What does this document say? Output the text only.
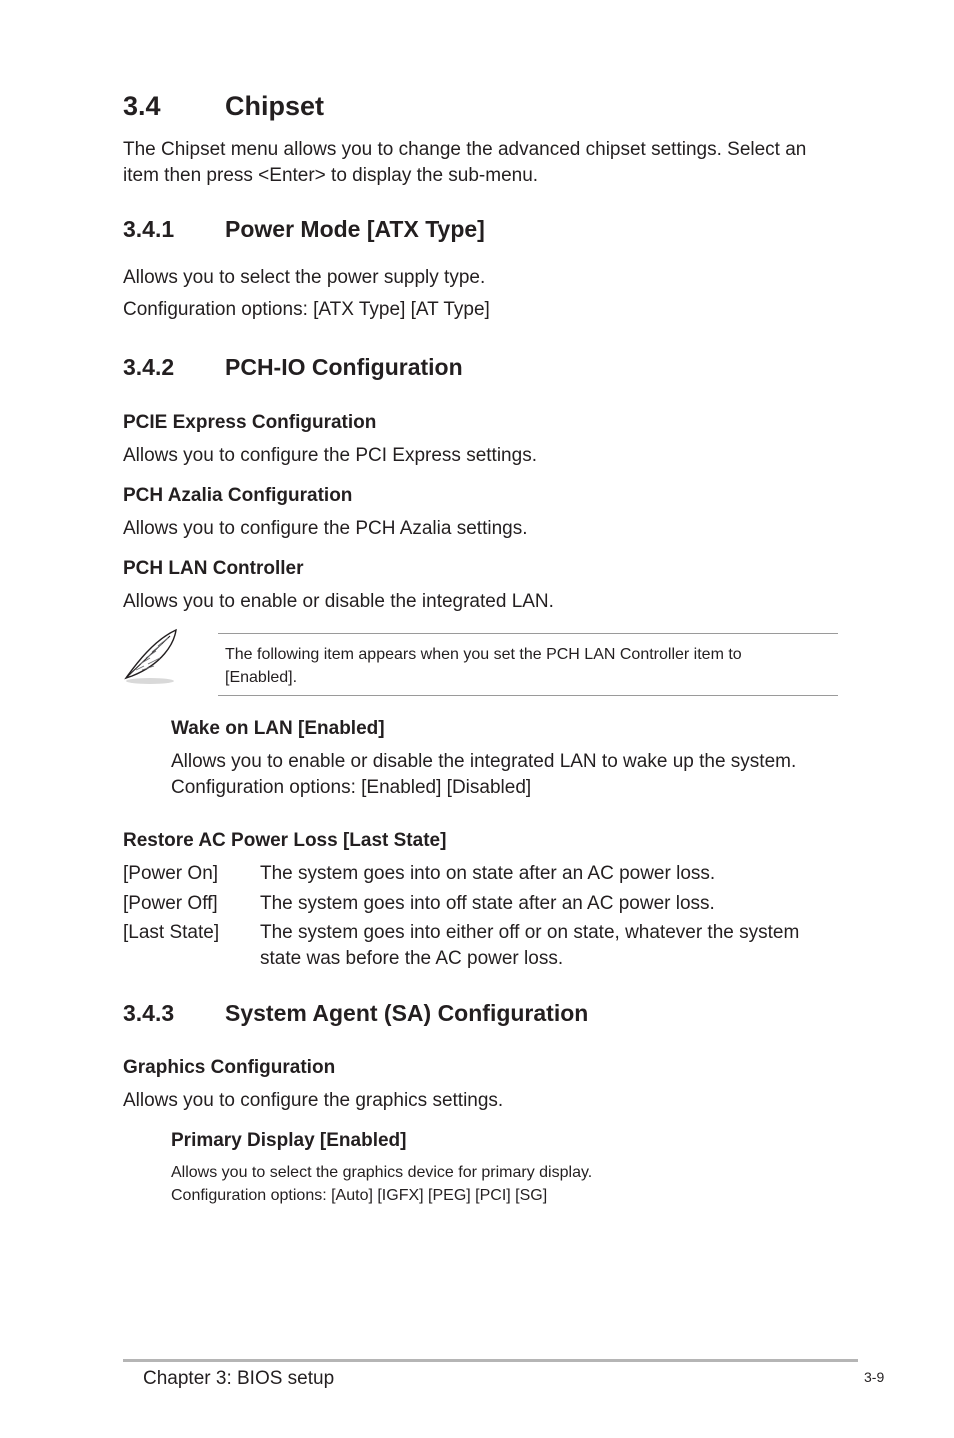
3.4 Chipset
The Chipset menu allows you to change the advanced chipset settings. Select an
item then press <Enter> to display the sub-menu.
3.4.1 Power Mode [ATX Type]
Allows you to select the power supply type.
Configuration options: [ATX Type] [AT Type]
3.4.2 PCH-IO Configuration
PCIE Express Configuration
Allows you to configure the PCI Express settings.
PCH Azalia Configuration
Allows you to configure the PCH Azalia settings.
PCH LAN Controller
Allows you to enable or disable the integrated LAN.
The following item appears when you set the PCH LAN Controller item to
[Enabled].
Wake on LAN [Enabled]
Allows you to enable or disable the integrated LAN to wake up the system.
Configuration options: [Enabled] [Disabled]
Restore AC Power Loss [Last State]
[Power On] The system goes into on state after an AC power loss.
[Power Off] The system goes into off state after an AC power loss.
[Last State] The system goes into either off or on state, whatever the system
state was before the AC power loss.
3.4.3 System Agent (SA) Configuration
Graphics Configuration
Allows you to configure the graphics settings.
Primary Display [Enabled]
Allows you to select the graphics device for primary display.
Configuration options: [Auto] [IGFX] [PEG] [PCI] [SG]
Chapter 3: BIOS setup	3-9
